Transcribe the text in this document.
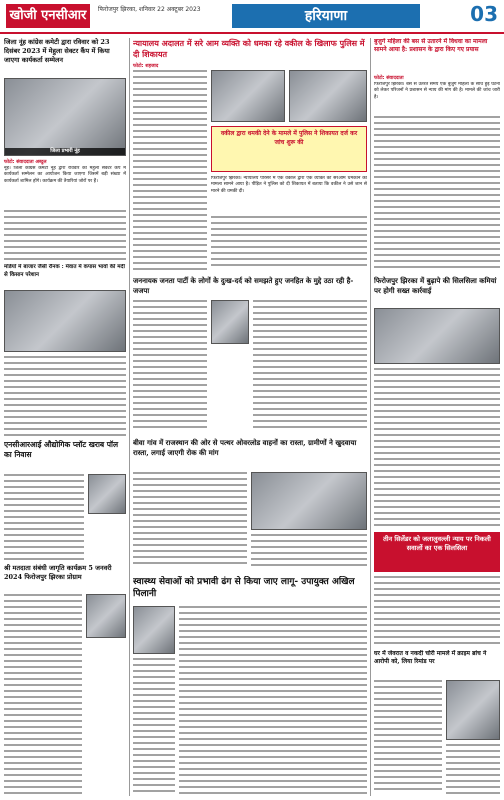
खोजी एनसीआर	फिरोजपुर झिरका, शनिवार 22 अक्टूबर 2023	हरियाणा	03
जिला नूंह कांग्रेस कमेटी द्वारा रविवार को 23 दिसंबर 2023 में मेहुला सेक्टर कैंप में किया जाएगा कार्यकर्ता सम्मेलन
जिला प्रभारी नूंह
फोटो: संवाददाता अब्दुल
नूंह। जिला कांग्रेस कमेटी नूंह द्वारा रविवार को मेहुला सेक्टर कैंप में कार्यकर्ता सम्मेलन का आयोजन किया जाएगा जिसमें बड़ी संख्या में कार्यकर्ता शामिल होंगे। कार्यक्रम की तैयारियां जोरों पर हैं।
मंडियों में बाजार जैसी रौनक : मेवात में कपास भावों की मंदी से किसान परेशान
एनसीआरआई औद्योगिक प्लॉट खराब पॉल का निवास
श्री मतदाता संबंधी जागृति कार्यक्रम 5 जनवरी 2024 फिरोजपुर झिरका प्रोग्राम
न्यायालय अदालत में सरे आम व्यक्ति को धमका रहे वकील के खिलाफ पुलिस में दी शिकायत
फोटो: शहजाद
वकील द्वारा धमकी देने के मामले में पुलिस ने शिकायत दर्ज कर जांच शुरू की
फिरोजपुर झिरका। न्यायालय परिसर में एक वकील द्वारा एक व्यक्ति को सरेआम धमकाने का मामला सामने आया है। पीड़ित ने पुलिस को दी शिकायत में बताया कि वकील ने उसे जान से मारने की धमकी दी।
जननायक जनता पार्टी के लोगों के दुःख-दर्द को समझते हुए जनहित के मुद्दे उठा रही है-जजपा
बीवा गांव में राजस्थान की ओर से पत्थर ओवरलोड वाहनों का रास्ता, ग्रामीणों ने खुदवाया रास्ता, लगाई जाएगी रोक की मांग
स्वास्थ्य सेवाओं को प्रभावी ढंग से किया जाए लागू- उपायुक्त अखिल पिलानी
बुजुर्ग महिला की बस से उतारने में विधवा का मामला सामने आया है: प्रशासन के द्वारा किए गए प्रयास
फोटो: संवाददाता
फिरोजपुर झिरका। बस से उतरते समय एक बुजुर्ग महिला के साथ हुई घटना को लेकर परिजनों ने प्रशासन से न्याय की मांग की है। मामले की जांच जारी है।
फिरोजपुर झिरका में बुढ़ापे की सिलसिला कमियां पर होगी सख्त कार्रवाई
तीन सिलेंडर को जलालुवल्ली न्याय पर निकली सवालों का एक सिलसिला
घर में जेवरात व नकदी चोरी मामले में क्राइम ब्रांच ने आरोपी को, लिया रिमांड पर
